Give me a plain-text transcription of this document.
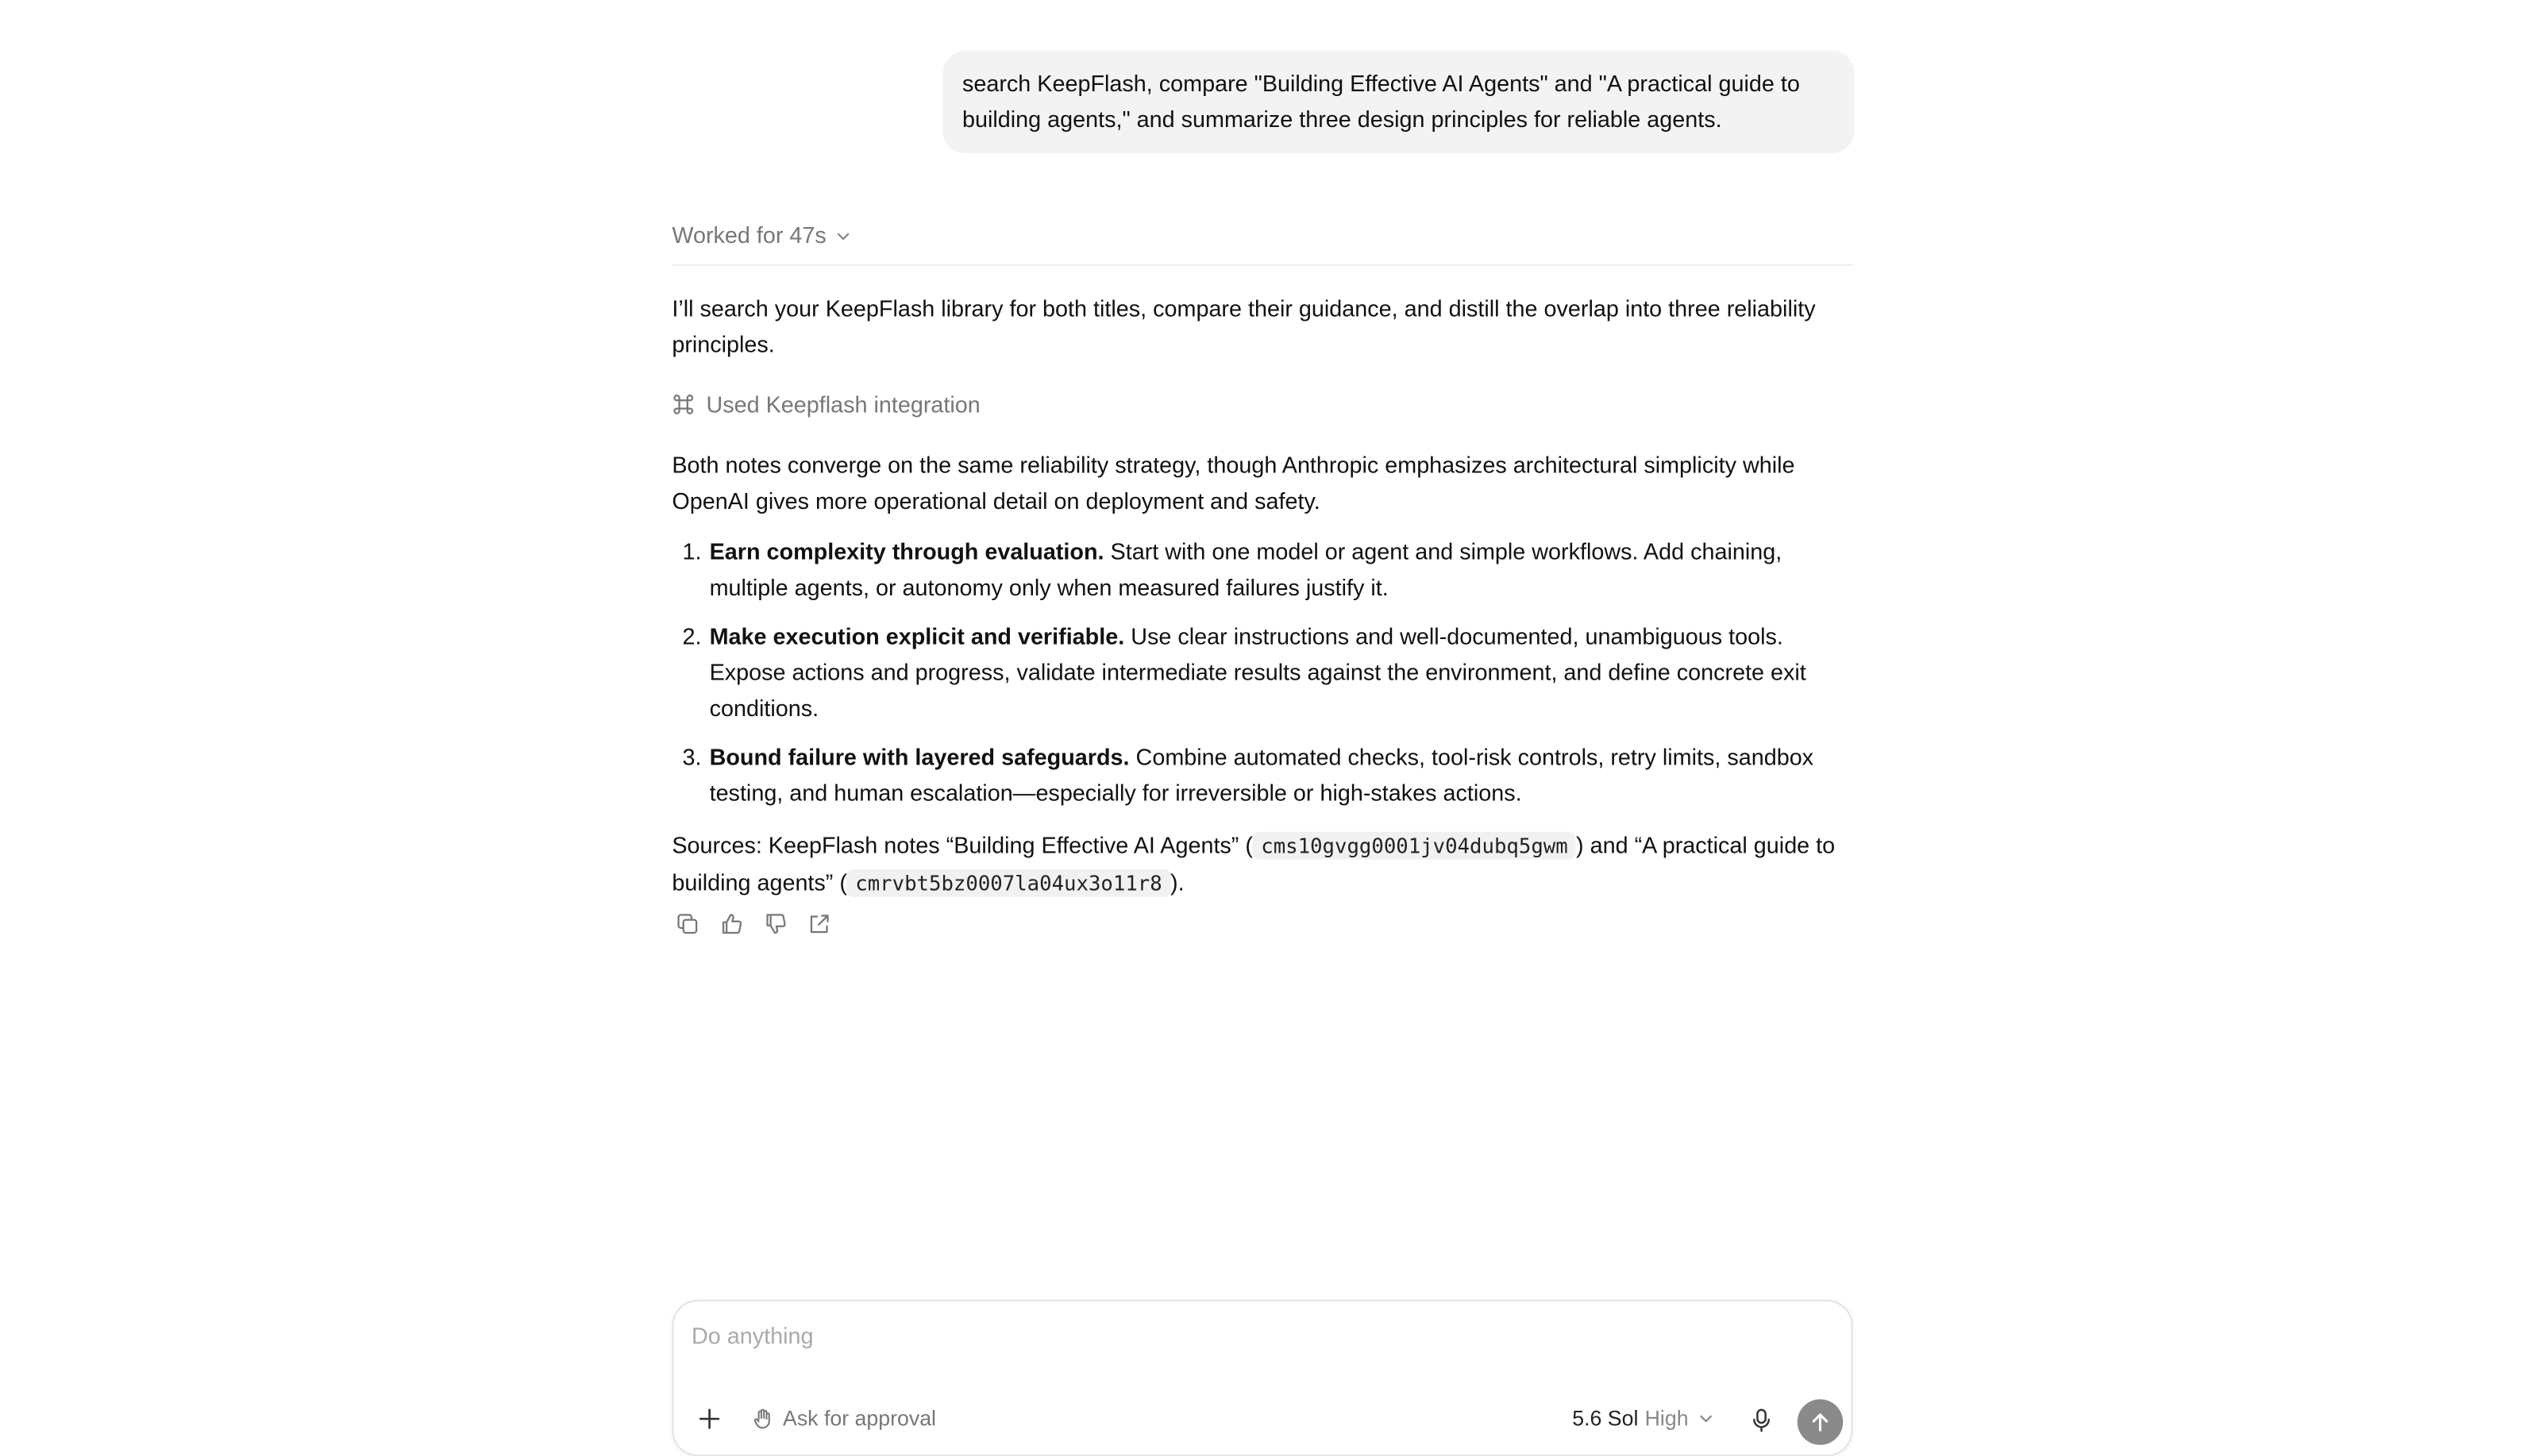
search KeepFlash, compare "Building Effective AI Agents" and "A practical guide to building agents," and summarize three design principles for reliable agents.
Worked for 47s

I’ll search your KeepFlash library for both titles, compare their guidance, and distill the overlap into three reliability principles.

Used Keepflash integration

Both notes converge on the same reliability strategy, though Anthropic emphasizes architectural simplicity while OpenAI gives more operational detail on deployment and safety.

1. Earn complexity through evaluation. Start with one model or agent and simple workflows. Add chaining, multiple agents, or autonomy only when measured failures justify it.
2. Make execution explicit and verifiable. Use clear instructions and well-documented, unambiguous tools. Expose actions and progress, validate intermediate results against the environment, and define concrete exit conditions.
3. Bound failure with layered safeguards. Combine automated checks, tool-risk controls, retry limits, sandbox testing, and human escalation—especially for irreversible or high-stakes actions.

Sources: KeepFlash notes “Building Effective AI Agents” ( cms10gvgg0001jv04dubq5gwm ) and “A practical guide to building agents” ( cmrvbt5bz0007la04ux3o11r8 ).

Do anything
Ask for approval	5.6 Sol High
